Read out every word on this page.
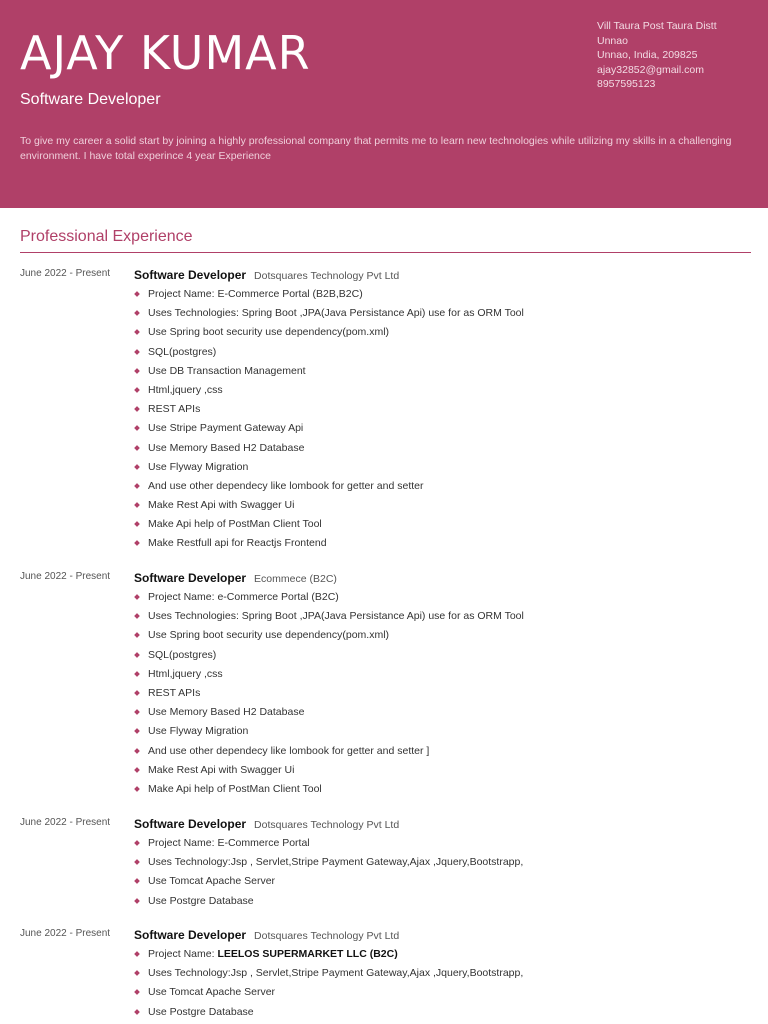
AJAY KUMAR
Software Developer
Vill Taura Post Taura Distt
Unnao
Unnao, India, 209825
ajay32852@gmail.com
8957595123
To give my career a solid start by joining a highly professional company that permits me to learn new technologies while utilizing my skills in a challenging environment. I have total experince 4 year Experience
Professional Experience
June 2022 - Present Software Developer Dotsquares Technology Pvt Ltd
Project Name: E-Commerce Portal (B2B,B2C)
Uses Technologies: Spring Boot ,JPA(Java Persistance Api) use for as ORM Tool
Use Spring boot security use dependency(pom.xml)
SQL(postgres)
Use DB Transaction Management
Html,jquery ,css
REST APIs
Use Stripe Payment Gateway Api
Use Memory Based H2 Database
Use Flyway Migration
And use other dependecy like lombook for getter and setter
Make Rest Api with Swagger Ui
Make Api help of PostMan Client Tool
Make Restfull api for Reactjs Frontend
June 2022 - Present Software Developer Ecommece (B2C)
Project Name: e-Commerce Portal (B2C)
Uses Technologies: Spring Boot ,JPA(Java Persistance Api) use for as ORM Tool
Use Spring boot security use dependency(pom.xml)
SQL(postgres)
Html,jquery ,css
REST APIs
Use Memory Based H2 Database
Use Flyway Migration
And use other dependecy like lombook for getter and setter ]
Make Rest Api with Swagger Ui
Make Api help of PostMan Client Tool
June 2022 - Present Software Developer Dotsquares Technology Pvt Ltd
Project Name: E-Commerce Portal
Uses Technology:Jsp , Servlet,Stripe Payment Gateway,Ajax ,Jquery,Bootstrapp,
Use Tomcat Apache Server
Use Postgre Database
June 2022 - Present Software Developer Dotsquares Technology Pvt Ltd
Project Name: LEELOS SUPERMARKET LLC (B2C)
Uses Technology:Jsp , Servlet,Stripe Payment Gateway,Ajax ,Jquery,Bootstrapp,
Use Tomcat Apache Server
Use Postgre Database
